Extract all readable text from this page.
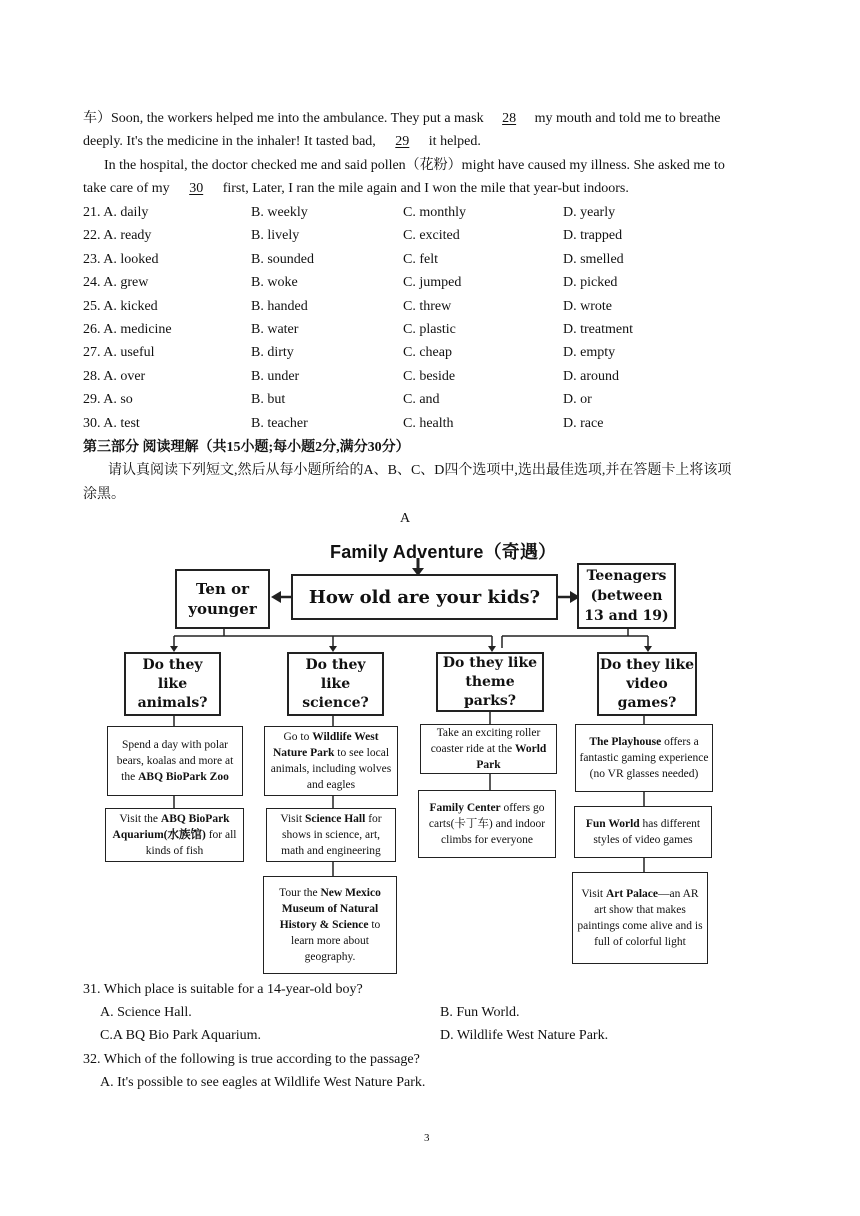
车）Soon, the workers helped me into the ambulance. They put a mask 28 my mouth and told me to breathe
deeply. It's the medicine in the inhaler! It tasted bad, 29 it helped.
In the hospital, the doctor checked me and said pollen（花粉）might have caused my illness. She asked me to
take care of my 30 first, Later, I ran the mile again and I won the mile that year-but indoors.
21. A. daily	B. weekly	C. monthly	D. yearly
22. A. ready	B. lively	C. excited	D. trapped
23. A. looked	B. sounded	C. felt	D. smelled
24. A. grew	B. woke	C. jumped	D. picked
25. A. kicked	B. handed	C. threw	D. wrote
26. A. medicine	B. water	C. plastic	D. treatment
27. A. useful	B. dirty	C. cheap	D. empty
28. A. over	B. under	C. beside	D. around
29. A. so	B. but	C. and	D. or
30. A. test	B. teacher	C. health	D. race
第三部分 阅读理解（共15小题;每小题2分,满分30分）
请认真阅读下列短文,然后从每小题所给的A、B、C、D四个选项中,选出最佳选项,并在答题卡上将该项
涂黑。
A
Family Adventure（奇遇）
Ten or younger
How old are your kids?
Teenagers (between 13 and 19)
Do they like animals?
Do they like science?
Do they like theme parks?
Do they like video games?
Spend a day with polar bears, koalas and more at the ABQ BioPark Zoo
Visit the ABQ BioPark Aquarium(水族馆) for all kinds of fish
Go to Wildlife West Nature Park to see local animals, including wolves and eagles
Visit Science Hall for shows in science, art, math and engineering
Tour the New Mexico Museum of Natural History & Science to learn more about geography.
Take an exciting roller coaster ride at the World Park
Family Center offers go carts(卡丁车) and indoor climbs for everyone
The Playhouse offers a fantastic gaming experience (no VR glasses needed)
Fun World has different styles of video games
Visit Art Palace—an AR art show that makes paintings come alive and is full of colorful light
31. Which place is suitable for a 14-year-old boy?
A. Science Hall.	B. Fun World.
C.A BQ Bio Park Aquarium.	D. Wildlife West Nature Park.
32. Which of the following is true according to the passage?
A. It's possible to see eagles at Wildlife West Nature Park.
3
